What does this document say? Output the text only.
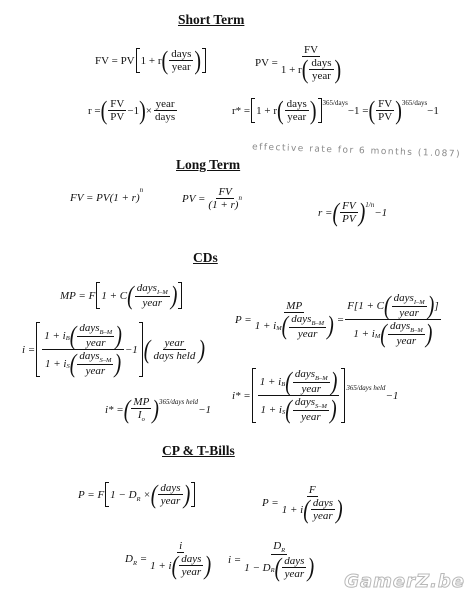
Short Term
FV = PV 1 + r ( $\frac{\text{days}}{\text{year}}$ )	PV = $\frac{FV}{1 + r ( \frac{\text{days}}{\text{year}} )}$
r = ( $\frac{FV}{PV} -1$ ) × $\frac{\text{year}}{\text{days}}$	r* = 1 + r ( $\frac{\text{days}}{\text{year}}$ ) 365/days
−1 = ( $\frac{FV}{PV}$ ) 365/days
−1
effective rate for 6 months (1.087)
Long Term
FV = PV(1 + r)
n
PV = $\frac{FV}{(1 + r)^n}$
r = ( $\frac{FV}{PV}$ ) 1/n
−1
CDs
MP = F 1 + C ( $\frac{days_{I-M}}{\text{year}}$ )
$P = \frac{MP}{1 + i M ( \frac{days_{B-M}}{\text{year}} )} = \frac{F[1 + C ( \frac{days_{I-M}}{\text{year}} ) ]}{1 + i M ( \frac{days_{B-M}}{\text{year}} )}$
$i = \frac{1 + i B ( \frac{days_{B-M}}{\text{year}} )}{1 + i S ( \frac{days_{S-M}}{\text{year}} )} -1$ ( $\frac{\text{year}}{\text{days held}}$ )
i* = ( $\frac{MP}{I_o}$ ) 365/days held
−1
$i* = \frac{1 + i B ( \frac{days_{B-M}}{\text{year}} )}{1 + i S ( \frac{days_{S-M}}{\text{year}} )}$ 365/days held
−1
CP & T-Bills
P = F $1 - D_R$ × ( $\frac{\text{days}}{\text{year}}$ )	$P = \frac{F}{1 + i ( \frac{\text{days}}{\text{year}} )}$
$D_R = \frac{i}{1 + i ( \frac{\text{days}}{\text{year}} )}$ $i = \frac{D_R}{1 - D R ( \frac{\text{days}}{\text{year}} )}$
GamerZ.be
